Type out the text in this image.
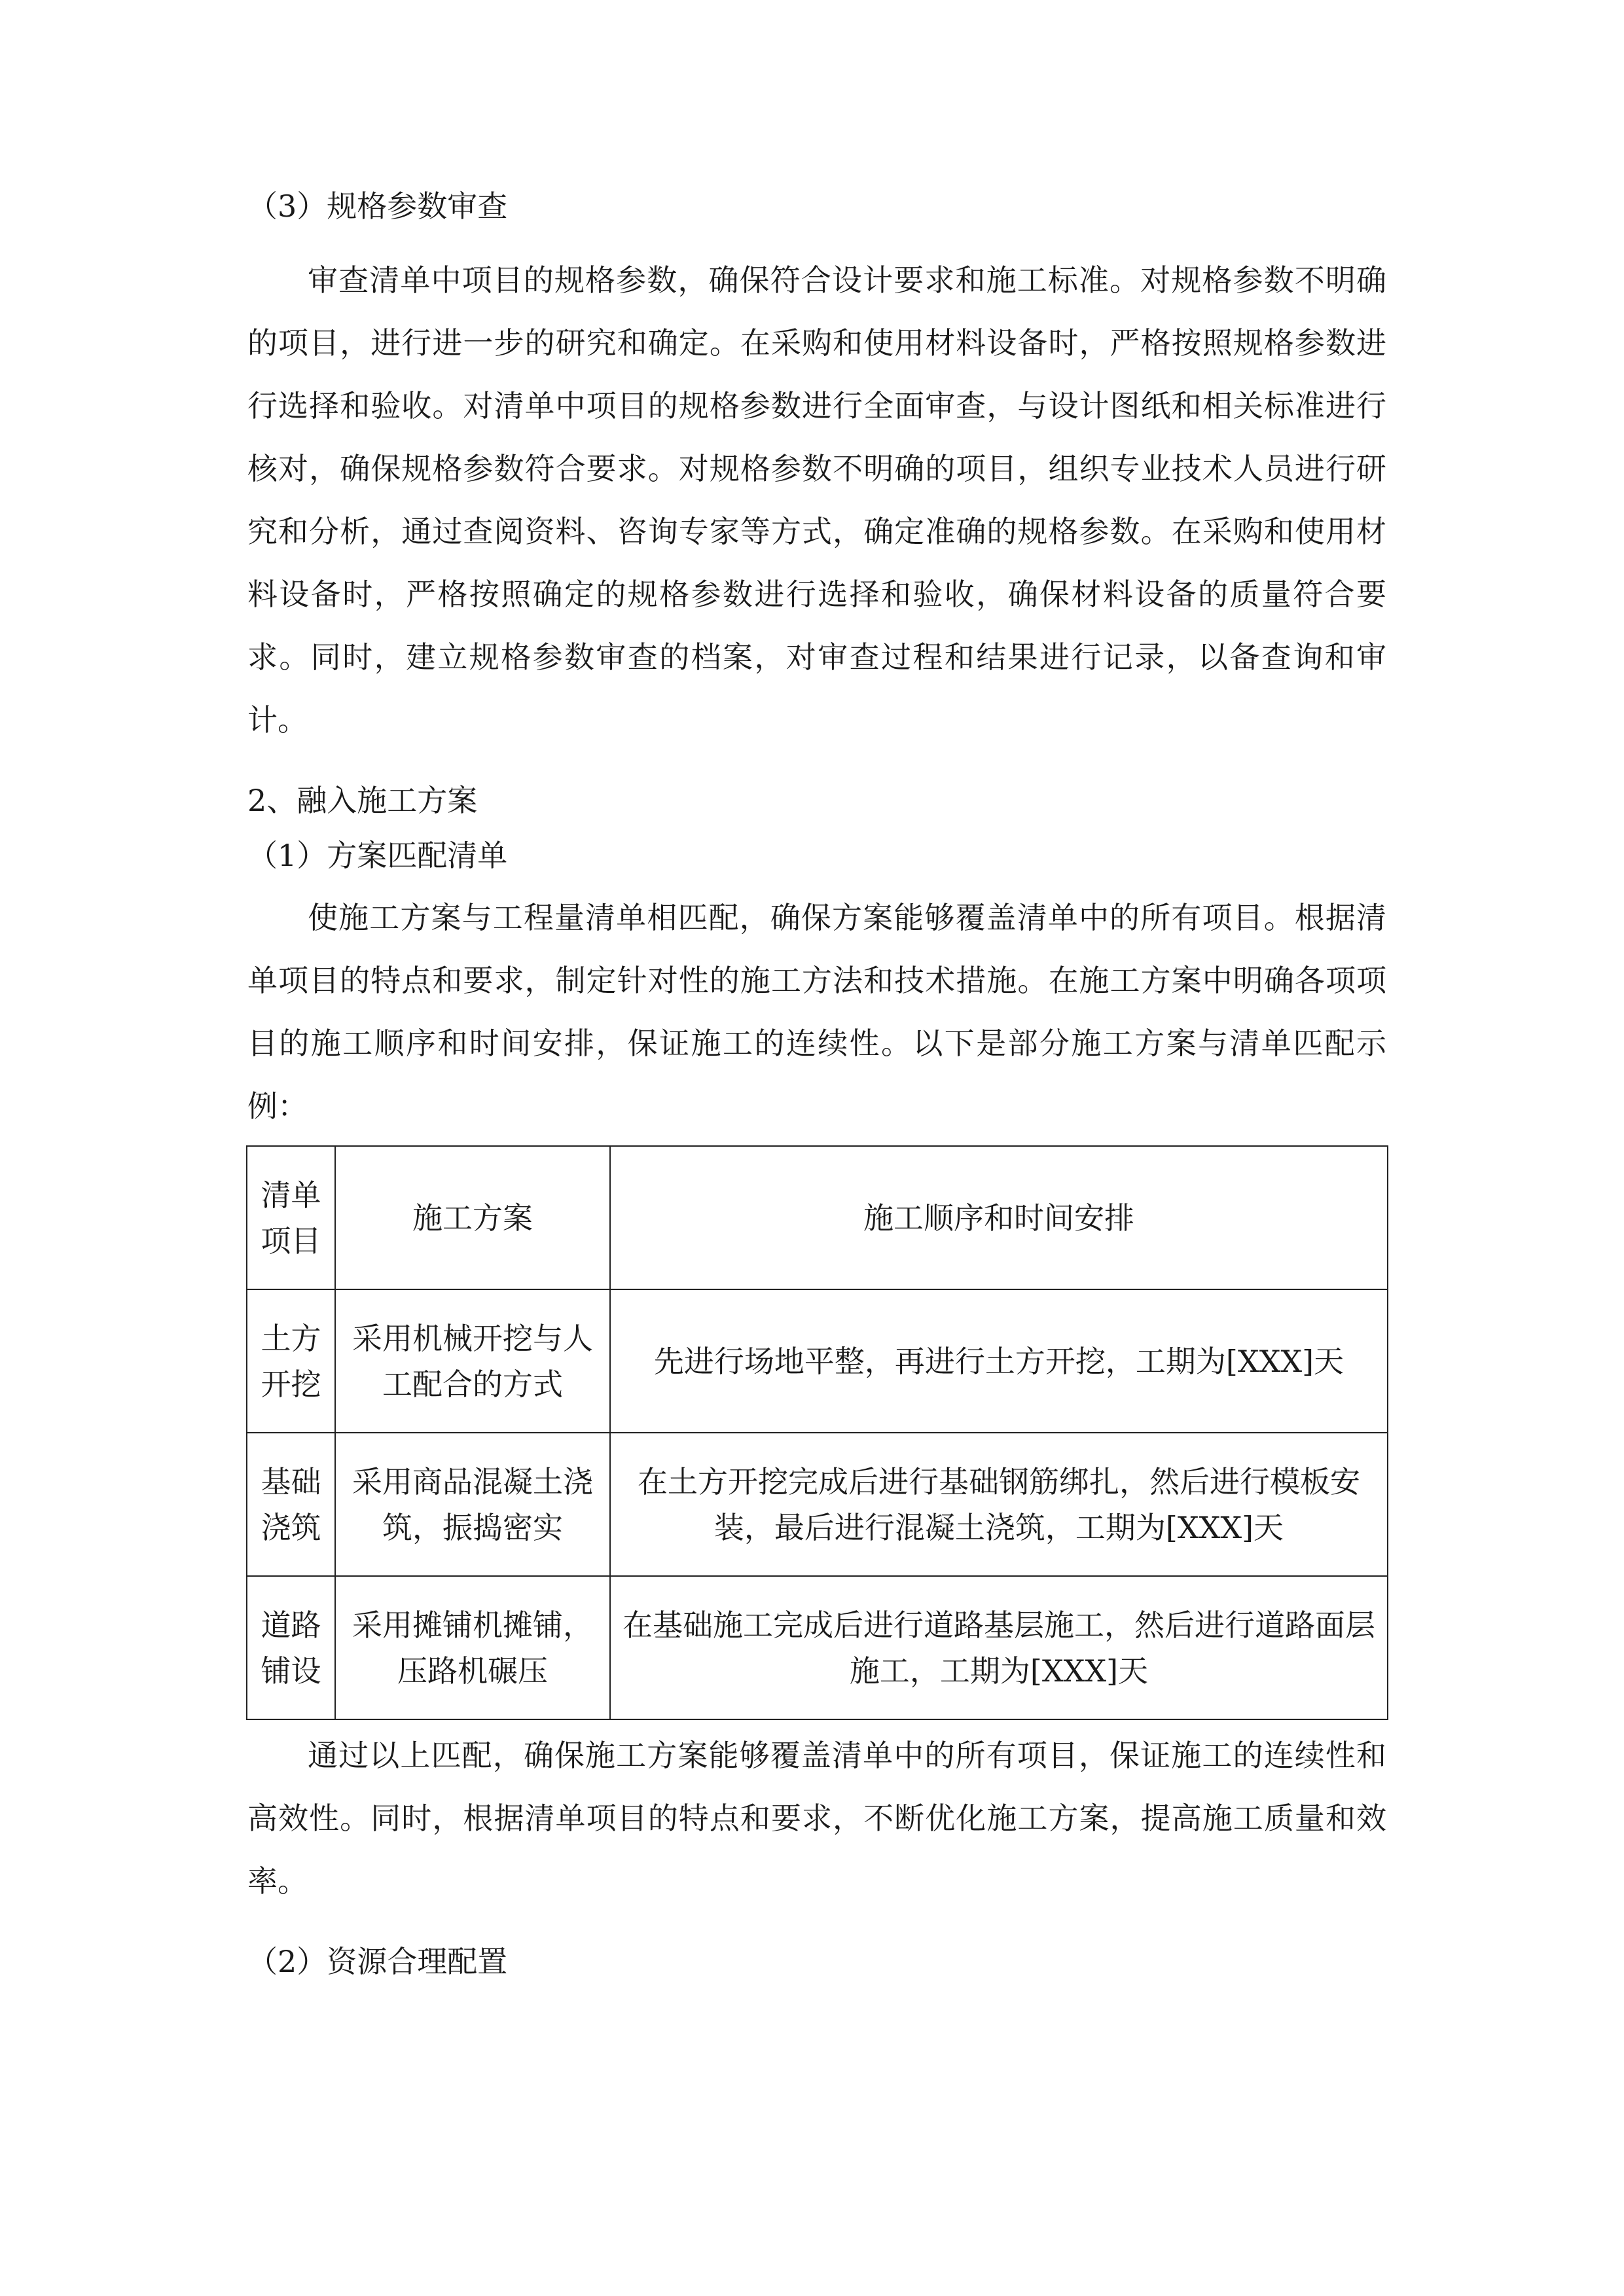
（3）规格参数审查

审查清单中项目的规格参数，确保符合设计要求和施工标准。对规格参数不明确的项目，进行进一步的研究和确定。在采购和使用材料设备时，严格按照规格参数进行选择和验收。对清单中项目的规格参数进行全面审查，与设计图纸和相关标准进行核对，确保规格参数符合要求。对规格参数不明确的项目，组织专业技术人员进行研究和分析，通过查阅资料、咨询专家等方式，确定准确的规格参数。在采购和使用材料设备时，严格按照确定的规格参数进行选择和验收，确保材料设备的质量符合要求。同时，建立规格参数审查的档案，对审查过程和结果进行记录，以备查询和审计。

2、融入施工方案
（1）方案匹配清单

使施工方案与工程量清单相匹配，确保方案能够覆盖清单中的所有项目。根据清单项目的特点和要求，制定针对性的施工方法和技术措施。在施工方案中明确各项项目的施工顺序和时间安排，保证施工的连续性。以下是部分施工方案与清单匹配示例：

清单项目	施工方案	施工顺序和时间安排
土方开挖	采用机械开挖与人工配合的方式	先进行场地平整，再进行土方开挖，工期为[XXX]天
基础浇筑	采用商品混凝土浇筑，振捣密实	在土方开挖完成后进行基础钢筋绑扎，然后进行模板安装，最后进行混凝土浇筑，工期为[XXX]天
道路铺设	采用摊铺机摊铺，压路机碾压	在基础施工完成后进行道路基层施工，然后进行道路面层施工，工期为[XXX]天

通过以上匹配，确保施工方案能够覆盖清单中的所有项目，保证施工的连续性和高效性。同时，根据清单项目的特点和要求，不断优化施工方案，提高施工质量和效率。

（2）资源合理配置
